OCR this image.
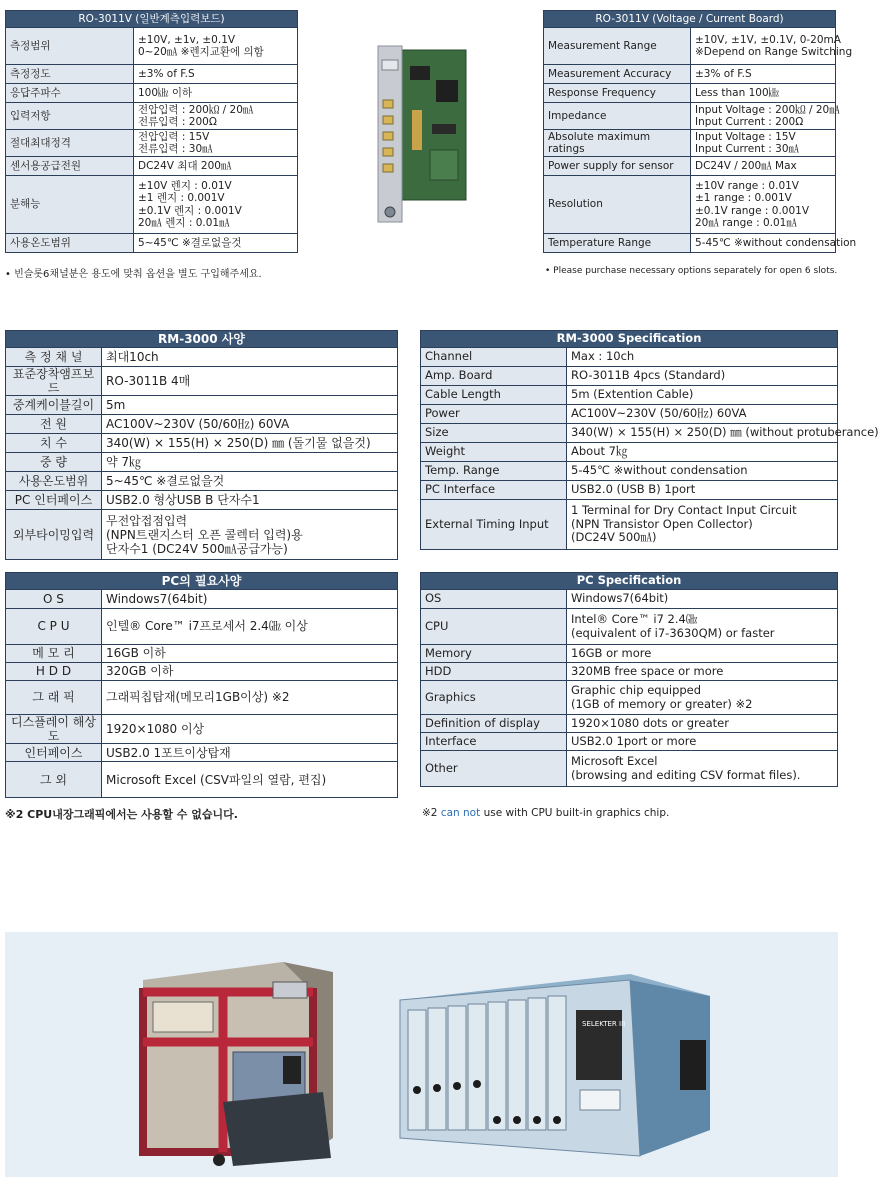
RO-3011V (일반계측입력보드)	
측정범위	±10V, ±1v, ±0.1V
0~20㎃ ※렌지교환에 의함

측정정도	±3% of F.S

응답주파수	100㎑ 이하

입력저항	전압입력 : 200㏀ / 20㎃
전류입력 : 200Ω

절대최대정격	전압입력 : 15V
전류입력 : 30㎃

센서용공급전원	DC24V 최대 200㎃

분해능	±10V 렌지 : 0.01V
±1 렌지 : 0.001V
±0.1V 렌지 : 0.001V
20㎃ 렌지 : 0.01㎃

사용온도범위	5~45℃ ※결로없을것
• 빈슬롯6채널분은 용도에 맞춰 옵션을 별도 구입해주세요.
RO-3011V (Voltage / Current Board)	
Measurement Range	±10V, ±1V, ±0.1V, 0-20mA
※Depend on Range Switching

Measurement Accuracy	±3% of F.S

Response Frequency	Less than 100㎑

Impedance	Input Voltage : 200㏀ / 20㎃
Input Current : 200Ω

Absolute maximum ratings	Input Voltage : 15V
Input Current : 30㎃

Power supply for sensor	DC24V / 200㎃ Max

Resolution	±10V range : 0.01V
±1 range : 0.001V
±0.1V range : 0.001V
20㎃ range : 0.01㎃

Temperature Range	5-45℃ ※without condensation
• Please purchase necessary options separately for open 6 slots.
RM-3000 사양	
측 정 채 널	최대10ch

표준장착앰프보드	RO-3011B 4매

중계케이블길이	5m

전 원	AC100V~230V (50/60㎐) 60VA

치 수	340(W) × 155(H) × 250(D) ㎜ (돌기물 없을것)

중 량	약 7㎏

사용온도범위	5~45℃ ※결로없을것

PC 인터페이스	USB2.0 형상USB B 단자수1

외부타이밍입력	무전압접점입력
(NPN트랜지스터 오픈 콜렉터 입력)용
단자수1 (DC24V 500㎃공급가능)
RM-3000 Specification	
Channel	Max : 10ch

Amp. Board	RO-3011B 4pcs (Standard)

Cable Length	5m (Extention Cable)

Power	AC100V~230V (50/60㎐) 60VA

Size	340(W) × 155(H) × 250(D) ㎜ (without protuberance)

Weight	About 7㎏

Temp. Range	5-45℃ ※without condensation

PC Interface	USB2.0 (USB B) 1port

External Timing Input	1 Terminal for Dry Contact Input Circuit
(NPN Transistor Open Collector)
(DC24V 500㎃)
PC의 필요사양	
O S	Windows7(64bit)

C P U	인텔® Core™ i7프로세서 2.4㎓ 이상

메 모 리	16GB 이하

H D D	320GB 이하

그 래 픽	그래픽칩탑재(메모리1GB이상) ※2

디스플레이 해상도	1920×1080 이상

인터페이스	USB2.0 1포트이상탑재

그 외	Microsoft Excel (CSV파일의 열람, 편집)
※2 CPU내장그래픽에서는 사용할 수 없습니다.
PC Specification	
OS	Windows7(64bit)

CPU	Intel® Core™ i7 2.4㎓
(equivalent of i7-3630QM) or faster

Memory	16GB or more

HDD	320MB free space or more

Graphics	Graphic chip equipped
(1GB of memory or greater) ※2

Definition of display	1920×1080 dots or greater

Interface	USB2.0 1port or more

Other	Microsoft Excel
(browsing and editing CSV format files).
※2 can not use with CPU built-in graphics chip.
SELEKTER III
